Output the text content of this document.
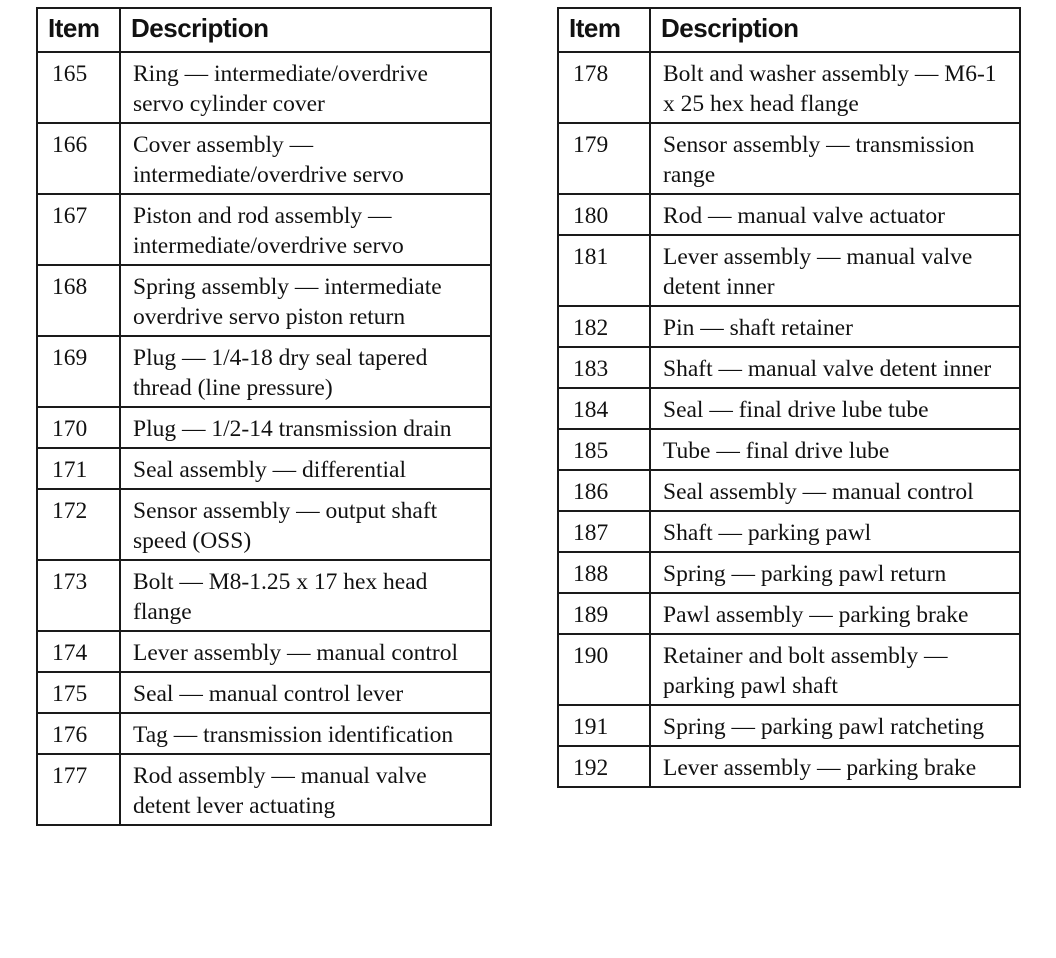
Item	Description
165	Ring — intermediate/overdrive servo cylinder cover
166	Cover assembly — intermediate/overdrive servo
167	Piston and rod assembly — intermediate/overdrive servo
168	Spring assembly — intermediate overdrive servo piston return
169	Plug — 1/4-18 dry seal tapered thread (line pressure)
170	Plug — 1/2-14 transmission drain
171	Seal assembly — differential
172	Sensor assembly — output shaft speed (OSS)
173	Bolt — M8-1.25 x 17 hex head flange
174	Lever assembly — manual control
175	Seal — manual control lever
176	Tag — transmission identification
177	Rod assembly — manual valve detent lever actuating
Item	Description
178	Bolt and washer assembly — M6-1 x 25 hex head flange
179	Sensor assembly — transmission range
180	Rod — manual valve actuator
181	Lever assembly — manual valve detent inner
182	Pin — shaft retainer
183	Shaft — manual valve detent inner
184	Seal — final drive lube tube
185	Tube — final drive lube
186	Seal assembly — manual control
187	Shaft — parking pawl
188	Spring — parking pawl return
189	Pawl assembly — parking brake
190	Retainer and bolt assembly — parking pawl shaft
191	Spring — parking pawl ratcheting
192	Lever assembly — parking brake
